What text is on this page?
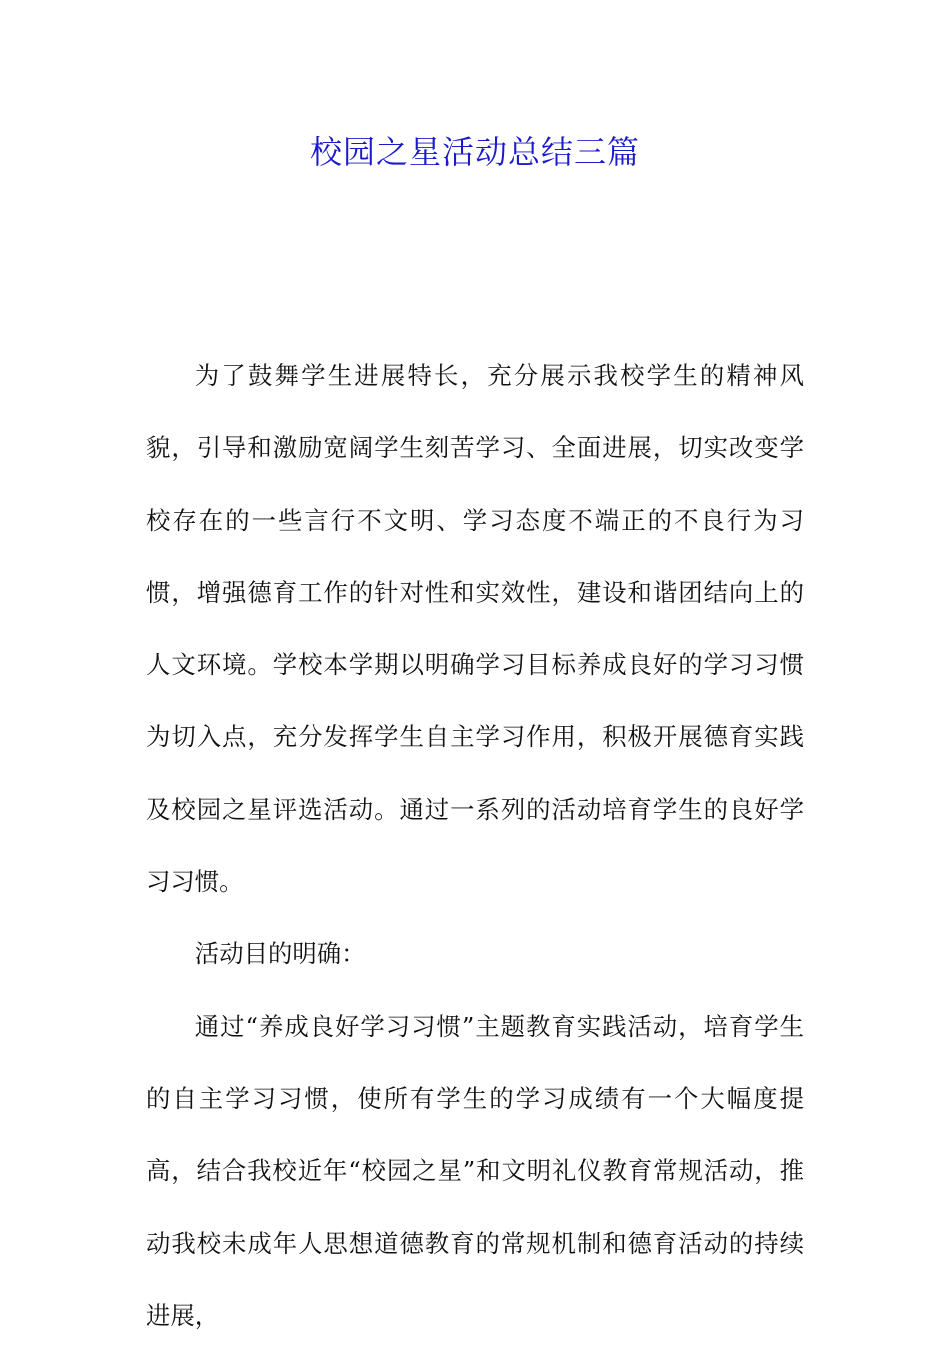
校园之星活动总结三篇

为了鼓舞学生进展特长，充分展示我校学生的精神风貌，引导和激励宽阔学生刻苦学习、全面进展，切实改变学校存在的一些言行不文明、学习态度不端正的不良行为习惯，增强德育工作的针对性和实效性，建设和谐团结向上的人文环境。学校本学期以明确学习目标养成良好的学习习惯为切入点，充分发挥学生自主学习作用，积极开展德育实践及校园之星评选活动。通过一系列的活动培育学生的良好学习习惯。

活动目的明确：

通过“养成良好学习习惯”主题教育实践活动，培育学生的自主学习习惯，使所有学生的学习成绩有一个大幅度提高，结合我校近年“校园之星”和文明礼仪教育常规活动，推动我校未成年人思想道德教育的常规机制和德育活动的持续进展，
